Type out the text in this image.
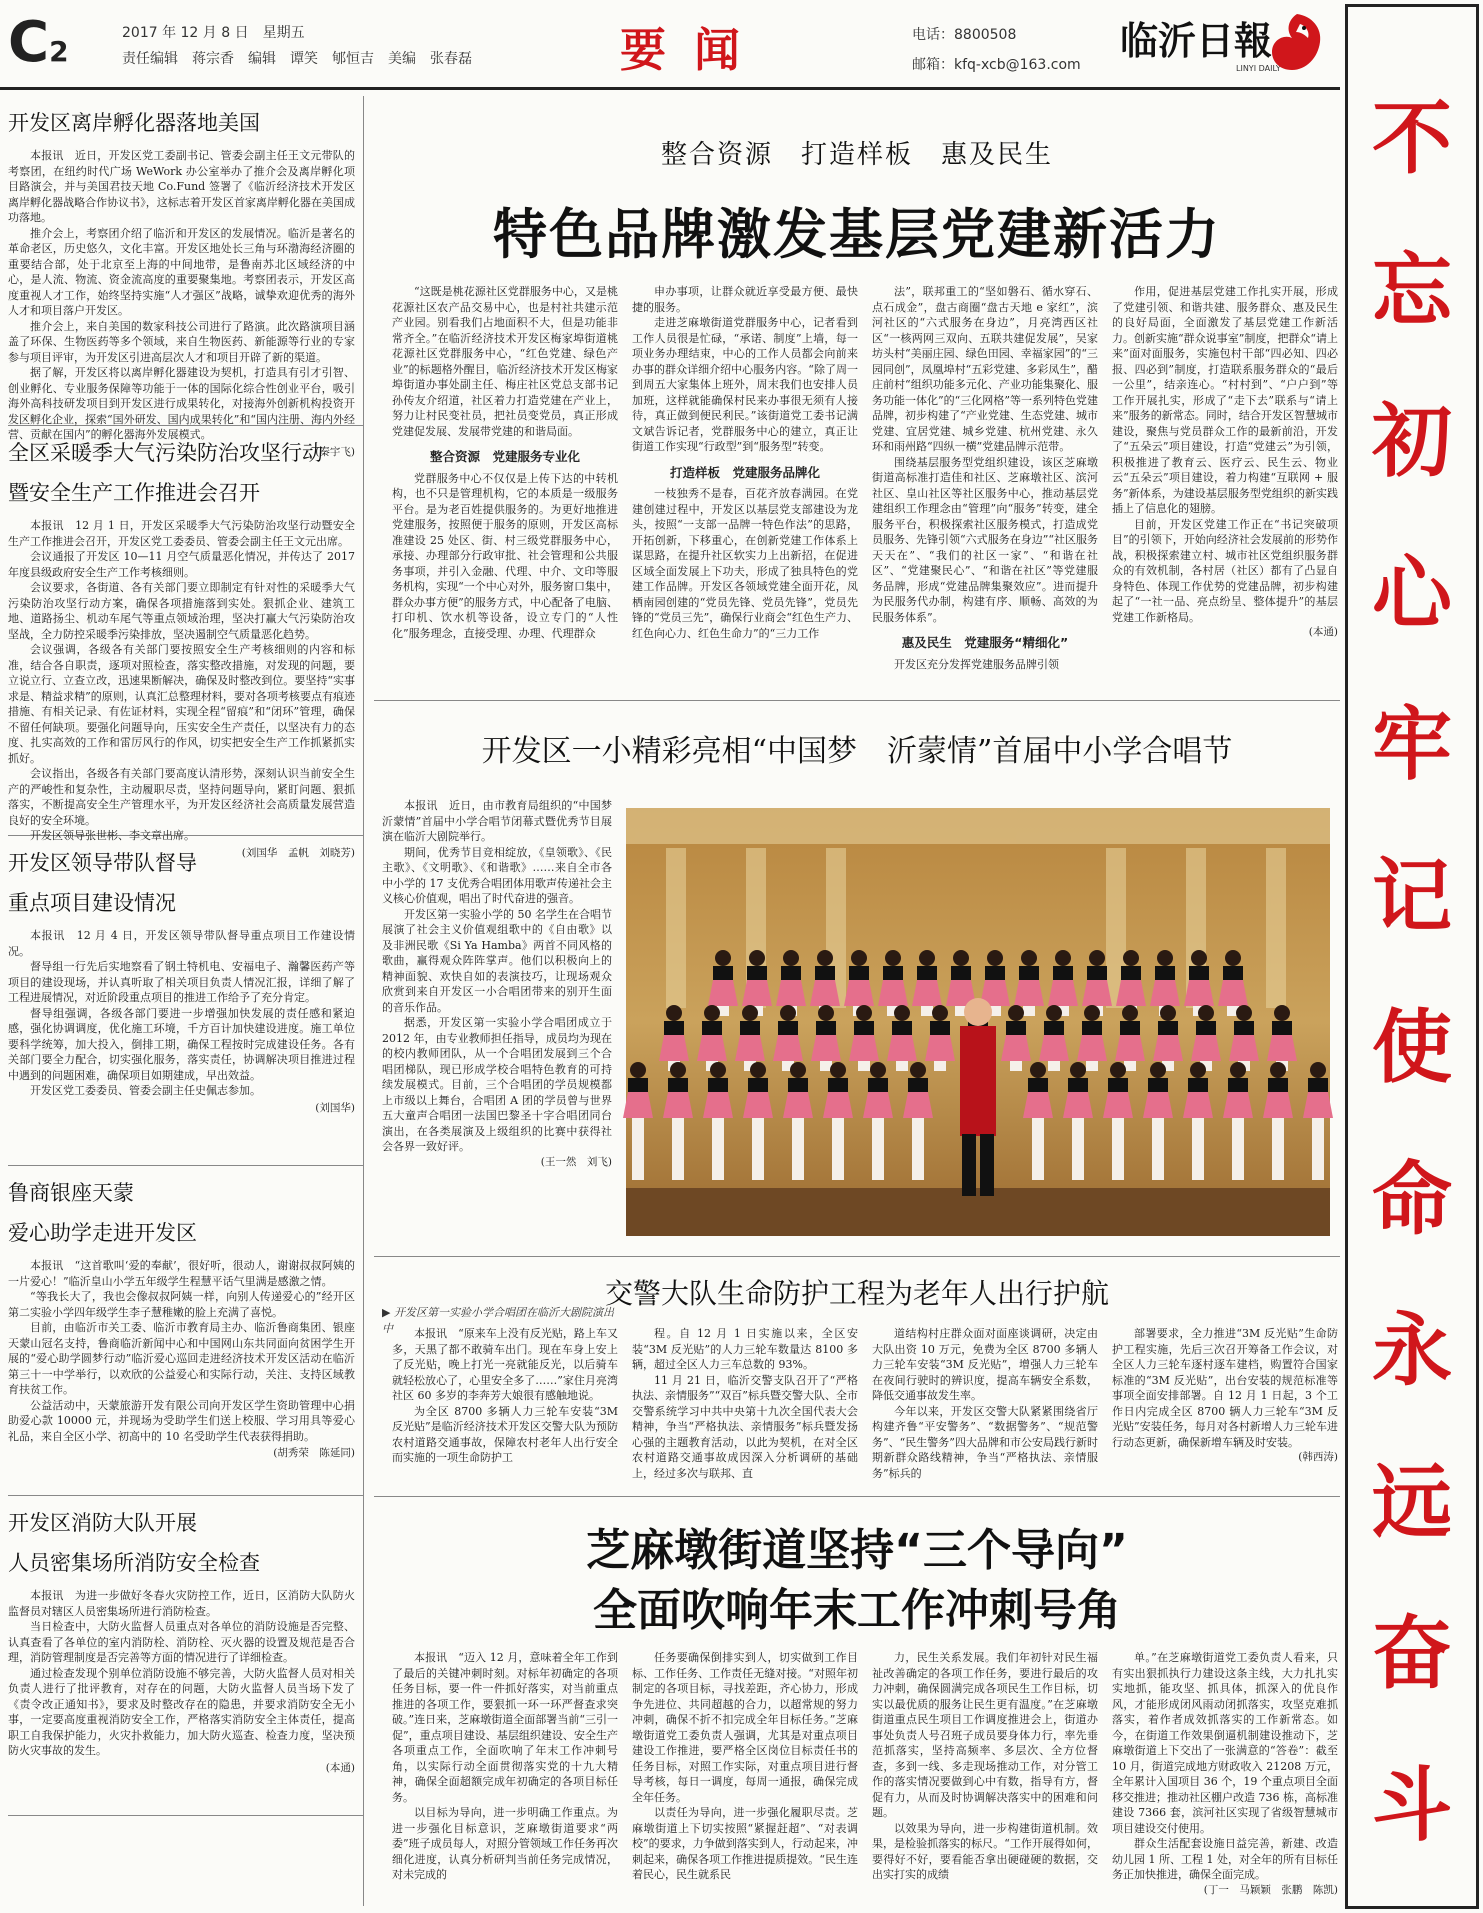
C2
2017 年 12 月 8 日　星期五
责任编辑　蒋宗香　编辑　谭笑　郇恒吉　美编　张春磊	要闻	电话：8800508
邮箱：kfq-xcb@163.com
临沂日報
LINYI DAILY
不
忘
初
心
牢
记
使
命
永
远
奋
斗
开发区离岸孵化器落地美国

本报讯　近日，开发区党工委副书记、管委会副主任王文元带队的考察团，在纽约时代广场 WeWork 办公室举办了推介会及离岸孵化项目路演会，并与美国君技天地 Co.Fund 签署了《临沂经济技术开发区离岸孵化器战略合作协议书》，这标志着开发区首家离岸孵化器在美国成功落地。

推介会上，考察团介绍了临沂和开发区的发展情况。临沂是著名的革命老区，历史悠久，文化丰富。开发区地处长三角与环渤海经济圈的重要结合部，处于北京至上海的中间地带，是鲁南苏北区域经济的中心，是人流、物流、资金流高度的重要聚集地。考察团表示，开发区高度重视人才工作，始终坚持实施“人才强区”战略，诚挚欢迎优秀的海外人才和项目落户开发区。

推介会上，来自美国的数家科技公司进行了路演。此次路演项目涵盖了环保、生物医药等多个领域，来自生物医药、新能源等行业的专家参与项目评审，为开发区引进高层次人才和项目开辟了新的渠道。

据了解，开发区将以离岸孵化器建设为契机，打造具有引才引智、创业孵化、专业服务保障等功能于一体的国际化综合性创业平台，吸引海外高科技研发项目到开发区进行成果转化，对接海外创新机构投资开发区孵化企业，探索“国外研发、国内成果转化”和“国内注册、海内外经营、贡献在国内”的孵化器海外发展模式。

(秦宇飞)

全区采暖季大气污染防治攻坚行动
暨安全生产工作推进会召开

本报讯　12 月 1 日，开发区采暖季大气污染防治攻坚行动暨安全生产工作推进会召开，开发区党工委委员、管委会副主任王文元出席。

会议通报了开发区 10—11 月空气质量恶化情况，并传达了 2017 年度县级政府安全生产工作考核细则。

会议要求，各街道、各有关部门要立即制定有针对性的采暖季大气污染防治攻坚行动方案，确保各项措施落到实处。狠抓企业、建筑工地、道路扬尘、机动车尾气等重点领域治理，坚决打赢大气污染防治攻坚战，全力防控采暖季污染排放，坚决遏制空气质量恶化趋势。

会议强调，各级各有关部门要按照安全生产考核细则的内容和标准，结合各自职责，逐项对照检查，落实整改措施，对发现的问题，要立说立行、立查立改，迅速果断解决，确保及时整改到位。要坚持“实事求是、精益求精”的原则，认真汇总整理材料，要对各项考核要点有痕迹措施、有相关记录、有佐证材料，实现全程“留痕”和“闭环”管理，确保不留任何缺项。要强化问题导向，压实安全生产责任，以坚决有力的态度、扎实高效的工作和雷厉风行的作风，切实把安全生产工作抓紧抓实抓好。

会议指出，各级各有关部门要高度认清形势，深刻认识当前安全生产的严峻性和复杂性，主动履职尽责，坚持问题导向，紧盯问题、狠抓落实，不断提高安全生产管理水平，为开发区经济社会高质量发展营造良好的安全环境。

开发区领导张世彬、李文章出席。

(刘国华　孟帆　刘晓芳)

开发区领导带队督导
重点项目建设情况

本报讯　12 月 4 日，开发区领导带队督导重点项目工作建设情况。

督导组一行先后实地察看了钢土特机电、安福电子、瀚馨医药产等项目的建设现场，并认真听取了相关项目负责人情况汇报，详细了解了工程进展情况，对近阶段重点项目的推进工作给予了充分肯定。

督导组强调，各级各部门要进一步增强加快发展的责任感和紧迫感，强化协调调度，优化施工环境，千方百计加快建设进度。施工单位要科学统筹，加大投入，倒排工期，确保工程按时完成建设任务。各有关部门要全力配合，切实强化服务，落实责任，协调解决项目推进过程中遇到的问题困难，确保项目如期建成，早出效益。

开发区党工委委员、管委会副主任史佩志参加。

(刘国华)

鲁商银座天蒙
爱心助学走进开发区

本报讯　“这首歌叫‘爱的奉献’，很好听，很动人，谢谢叔叔阿姨的一片爱心！”临沂皇山小学五年级学生程慧平话气里满是感激之情。

“等我长大了，我也会像叔叔阿姨一样，向别人传递爱心的”经开区第二实验小学四年级学生李子慧稚嫩的脸上充满了喜悦。

目前，由临沂市关工委、临沂市教育局主办、临沂鲁商集团、银座天蒙山冠名支持，鲁商临沂新闻中心和中国网山东共同面向贫困学生开展的“爱心助学圆梦行动”临沂爱心巡回走进经济技术开发区活动在临沂第三十一中学举行，以欢欣的公益爱心和实际行动，关注、支持区域教育扶贫工作。

公益活动中，天蒙旅游开发有限公司向开发区学生资助管理中心捐助爱心款 10000 元，并现场为受助学生们送上校服、学习用具等爱心礼品，来自全区小学、初高中的 10 名受助学生代表获得捐助。

(胡秀荣　陈延同)

开发区消防大队开展
人员密集场所消防安全检查

本报讯　为进一步做好冬春火灾防控工作，近日，区消防大队防火监督员对辖区人员密集场所进行消防检查。

当日检查中，大防火监督人员重点对各单位的消防设施是否完整、认真查看了各单位的室内消防栓、消防栓、灭火器的设置及规范是否合理，消防管理制度是否完善等方面的情况进行了详细检查。

通过检查发现个别单位消防设施不够完善，大防火监督人员对相关负责人进行了批评教育，对存在的问题，大防火监督人员当场下发了《责令改正通知书》，要求及时整改存在的隐患，并要求消防安全无小事，一定要高度重视消防安全工作，严格落实消防安全主体责任，提高职工自我保护能力，火灾扑救能力，加大防火巡查、检查力度，坚决预防火灾事故的发生。

(本通)

整合资源　打造样板　惠及民生
特色品牌激发基层党建新活力

“这既是桃花源社区党群服务中心，又是桃花源社区农产品交易中心，也是村社共建示范产业园。别看我们占地面积不大，但是功能非常齐全。”在临沂经济技术开发区梅家埠街道桃花源社区党群服务中心，“红色党建、绿色产业”的标题格外醒目，临沂经济技术开发区梅家埠街道办事处副主任、梅庄社区党总支部书记孙传友介绍道，社区着力打造党建在产业上，努力让村民变社员，把社员变党员，真正形成党建促发展、发展带党建的和谐局面。

整合资源　党建服务专业化

党群服务中心不仅仅是上传下达的中转机构，也不只是管理机构，它的本质是一级服务平台。是为老百姓提供服务的。为更好地推进党建服务，按照便于服务的原则，开发区高标准建设 25 处区、街、村三级党群服务中心，承接、办理部分行政审批、社会管理和公共服务事项，并引入金融、代理、中介、文印等服务机构，实现“一个中心对外，服务窗口集中，群众办事方便”的服务方式，中心配备了电脑、打印机、饮水机等设备，设立专门的“人性化”服务理念，直接受理、办理、代理群众

申办事项，让群众就近享受最方便、最快捷的服务。

走进芝麻墩街道党群服务中心，记者看到工作人员很是忙碌，“承诺、制度”上墙，每一项业务办理结束，中心的工作人员都会向前来办事的群众详细介绍中心服务内容。“除了周一到周五大家集体上班外，周末我们也安排人员加班，这样就能确保村民来办事很无须有人接待，真正做到便民利民。”该街道党工委书记满文斌告诉记者，党群服务中心的建立，真正让街道工作实现“行政型”到“服务型”转变。

打造样板　党建服务品牌化

一枝独秀不是春，百花齐放春满园。在党建创建过程中，开发区以基层党支部建设为龙头，按照“一支部一品牌一特色作法”的思路，开拓创新，下移重心，在创新党建工作体系上谋思路，在提升社区软实力上出新招，在促进区域全面发展上下功夫，形成了独具特色的党建工作品牌。开发区各领域党建全面开花，凤栖南园创建的“党员先锋、党员先锋”，党员先锋的“党员三先”，确保行业商会“红色生产力、红色向心力、红色生命力”的“三力工作

法”，联邦重工的“坚如磐石、循水穿石、点石成金”，盘古商圈“盘古天地 e 家红”，滨河社区的“六式服务在身边”，月亮湾西区社区“一核两网三双向、五联共建促发展”，吴家坊头村“美丽庄园、绿色田园、幸福家园”的“三园同创”，凤凰埠村“五彩党建、多彩凤生”，醋庄前村“组织功能多元化、产业功能集聚化、服务功能一体化”的“三化网格”等一系列特色党建品牌，初步构建了“产业党建、生态党建、城市党建、宜居党建、城乡党建、杭州党建、永久环和雨州路“四纵一横”党建品牌示范带。

围绕基层服务型党组织建设，该区芝麻墩街道高标准打造佳和社区、芝麻墩社区、滨河社区、皇山社区等社区服务中心，推动基层党建组织工作理念由“管理”向“服务”转变，建全服务平台，积极探索社区服务模式，打造成党员服务、先锋引领“六式服务在身边”“社区服务天天在”、“我们的社区一家”、“和谐在社区”、“党建聚民心”、“和谐在社区”等党建服务品牌，形成“党建品牌集聚效应”。进而提升为民服务代办制，构建有序、顺畅、高效的为民服务体系”。

惠及民生　党建服务“精细化”

开发区充分发挥党建服务品牌引领

作用，促进基层党建工作扎实开展，形成了党建引领、和谐共建、服务群众、惠及民生的良好局面，全面激发了基层党建工作新活力。创新实施“群众说事室”制度，把群众“请上来”面对面服务，实施包村干部“四必知、四必报、四必到”制度，打造联系服务群众的“最后一公里”，结亲连心。“村村到”、“户户到”等工作开展扎实，形成了“走下去”联系与“请上来”服务的新常态。同时，结合开发区智慧城市建设，聚焦与党员群众工作的最新前沿，开发了“五朵云”项目建设，打造“党建云”为引领，积极推进了教育云、医疗云、民生云、物业云“五朵云”项目建设，着力构建“互联网 + 服务”新体系，为建设基层服务型党组织的新实践插上了信息化的翅膀。

目前，开发区党建工作正在“书记突破项目”的引领下，开始向经济社会发展前的形势作战，积极探索建立村、城市社区党组织服务群众的有效机制，各村居（社区）都有了凸显自身特色、体现工作优势的党建品牌，初步构建起了“一社一品、亮点纷呈、整体提升”的基层党建工作新格局。

(本通)
开发区一小精彩亮相“中国梦　沂蒙情”首届中小学合唱节

本报讯　近日，由市教育局组织的“中国梦　沂蒙情”首届中小学合唱节闭幕式暨优秀节目展演在临沂大剧院举行。

期间，优秀节目竞相绽放，《皇领歌》、《民主歌》、《文明歌》、《和谐歌》……来自全市各中小学的 17 支优秀合唱团体用歌声传递社会主义核心价值观，唱出了时代奋进的强音。

开发区第一实验小学的 50 名学生在合唱节展演了社会主义价值观组歌中的《自由歌》以及非洲民歌《Si Ya Hamba》两首不同风格的歌曲，赢得观众阵阵掌声。他们以积极向上的精神面貌、欢快自如的表演技巧，让现场观众欣赏到来自开发区一小合唱团带来的别开生面的音乐作品。

据悉，开发区第一实验小学合唱团成立于 2012 年，由专业教师担任指导，成员均为现在的校内教师团队，从一个合唱团发展到三个合唱团梯队，现已形成学校合唱特色教育的可持续发展模式。目前，三个合唱团的学员规模都上市级以上舞台，合唱团 A 团的学员曾与世界五大童声合唱团一法国巴黎圣十字合唱团同台演出，在各类展演及上级组织的比赛中获得社会各界一致好评。

(王一然　刘飞)

▶ 开发区第一实验小学合唱团在临沂大剧院演出中
交警大队生命防护工程为老年人出行护航

本报讯　“原来车上没有反光贴，路上车又多，天黑了都不敢骑车出门。现在车身上安上了反光贴，晚上打光一亮就能反光，以后骑车就轻松放心了，心里安全多了……”家住月亮湾社区 60 多岁的李奔芳大娘很有感触地说。

为全区 8700 多辆人力三轮车安装“3M 反光贴”是临沂经济技术开发区交警大队为预防农村道路交通事故，保障农村老年人出行安全而实施的一项生命防护工

程。自 12 月 1 日实施以来，全区安装“3M 反光贴”的人力三轮车数量达 8100 多辆，超过全区人力三车总数的 93%。

11 月 21 日，临沂交警支队召开了“严格执法、亲情服务”“双百”标兵暨交警大队、全市交警系统学习中共中央第十九次全国代表大会精神，争当“严格执法、亲情服务”标兵暨发扬心强的主题教育活动，以此为契机，在对全区农村道路交通事故成因深入分析调研的基础上，经过多次与联邦、直

道结构村庄群众面对面座谈调研，决定由大队出资 10 万元，免费为全区 8700 多辆人力三轮车安装“3M 反光贴”，增强人力三轮车在夜间行驶时的辨识度，提高车辆安全系数，降低交通事故发生率。

今年以来，开发区交警大队紧紧围绕省厅构建齐鲁“平安警务”、“数据警务”、“规范警务”、“民生警务”四大品牌和市公安局践行新时期新群众路线精神，争当“严格执法、亲情服务”标兵的

部署要求，全力推进“3M 反光贴”生命防护工程实施，先后三次召开筹备工作会议，对全区人力三轮车逐村逐车建档，购置符合国家标准的“3M 反光贴”，出台安装的规范标准等事项全面安排部署。自 12 月 1 日起，3 个工作日内完成全区 8700 辆人力三轮车“3M 反光贴”安装任务，每月对各村新增人力三轮车进行动态更新，确保新增车辆及时安装。

(韩西涛)
芝麻墩街道坚持“三个导向”
全面吹响年末工作冲刺号角

本报讯　“迈入 12 月，意味着全年工作到了最后的关键冲刺时刻。对标年初确定的各项任务目标，要一件一件抓好落实，对当前重点推进的各项工作，要狠抓一环一环严督查求突破。”连日来，芝麻墩街道全面部署当前“三引一促”，重点项目建设、基层组织建设、安全生产各项重点工作，全面吹响了年末工作冲刺号角，以实际行动全面贯彻落实党的十九大精神，确保全面超额完成年初确定的各项目标任务。

以目标为导向，进一步明确工作重点。为进一步强化目标意识，芝麻墩街道要求“两委”班子成员每人，对照分管领域工作任务再次细化进度，认真分析研判当前任务完成情况，对未完成的

任务要确保倒排实到人，切实做到工作目标、工作任务、工作责任无缝对接。“对照年初制定的各项目标，寻找差距，齐心协力，形成争先进位、共同超越的合力，以超常规的努力冲刺，确保不折不扣完成全年目标任务。”芝麻墩街道党工委负责人强调，尤其是对重点项目建设工作推进，要严格全区岗位目标责任书的任务目标，对照工作实际，对重点项目进行督导考核，每日一调度，每周一通报，确保完成全年任务。

以责任为导向，进一步强化履职尽责。芝麻墩街道上下切实按照“紧握赶超”、“对表调校”的要求，力争做到落实到人，行动起来，冲刺起来，确保各项工作推进提质提效。“民生连着民心，民生就系民

力，民生关系发展。我们年初针对民生福祉改善确定的各项工作任务，要进行最后的攻力冲刺，确保圆满完成各项民生工作目标，切实以最优质的服务让民生更有温度。”在芝麻墩街道重点民生项目工作调度推进会上，街道办事处负责人号召班子成员要身体力行，率先垂范抓落实，坚持高频率、多层次、全方位督查，多到一线、多走现场推动工作，对分管工作的落实情况要做到心中有数，指导有方，督促有力，从而及时协调解决落实中的困难和问题。

以效果为导向，进一步构建街道机制。效果，是检验抓落实的标尺。“工作开展得如何，要得好不好，要看能否拿出硬碰硬的数据，交出实打实的成绩

单。”在芝麻墩街道党工委负责人看来，只有实出狠抓执行力建设这条主线，大力扎扎实实地抓，能攻坚、抓具体，抓深入的优良作风，才能形成闭风雨动闭抓落实，攻坚克难抓落实，着作者成效抓落实的工作新常态。如今，在街道工作效果倒逼机制建设推动下，芝麻墩街道上下交出了一张满意的“答卷”：截至 10 月，街道完成地方财政收入 21208 万元，全年累计入国项目 36 个，19 个重点项目全面移交推进；推动社区棚户改造 736 栋，高标准建设 7366 套，滨河社区实现了省级智慧城市项目建设交付使用。

群众生活配套设施日益完善，新建、改造幼儿园 1 所、工程 1 处，对全年的所有目标任务正加快推进，确保全面完成。

(丁一　马颖颖　张鹏　陈凯)
